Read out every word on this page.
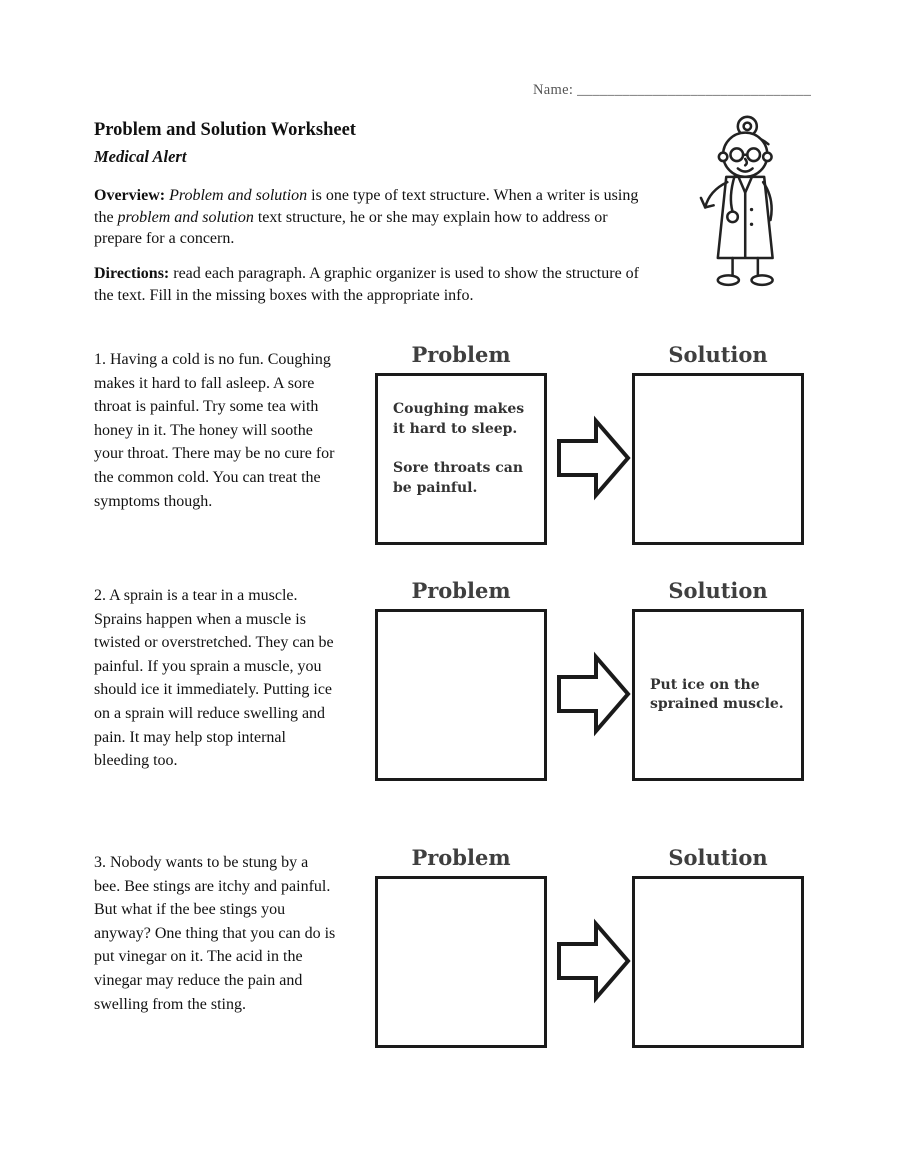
Name: _______________________________
Problem and Solution Worksheet
Medical Alert

Overview: Problem and solution is one type of text structure. When a writer is using the problem and solution text structure, he or she may explain how to address or prepare for a concern.

Directions: read each paragraph. A graphic organizer is used to show the structure of the text. Fill in the missing boxes with the appropriate info.

1. Having a cold is no fun. Coughing makes it hard to fall asleep. A sore throat is painful. Try some tea with honey in it. The honey will soothe your throat. There may be no cure for the common cold. You can treat the symptoms though.

Problem	Solution

Coughing makes it hard to sleep.

Sore throats can be painful.

2. A sprain is a tear in a muscle. Sprains happen when a muscle is twisted or overstretched. They can be painful. If you sprain a muscle, you should ice it immediately. Putting ice on a sprain will reduce swelling and pain. It may help stop internal bleeding too.

Problem	Solution

Put ice on the sprained muscle.

3. Nobody wants to be stung by a bee. Bee stings are itchy and painful. But what if the bee stings you anyway? One thing that you can do is put vinegar on it. The acid in the vinegar may reduce the pain and swelling from the sting.

Problem	Solution
